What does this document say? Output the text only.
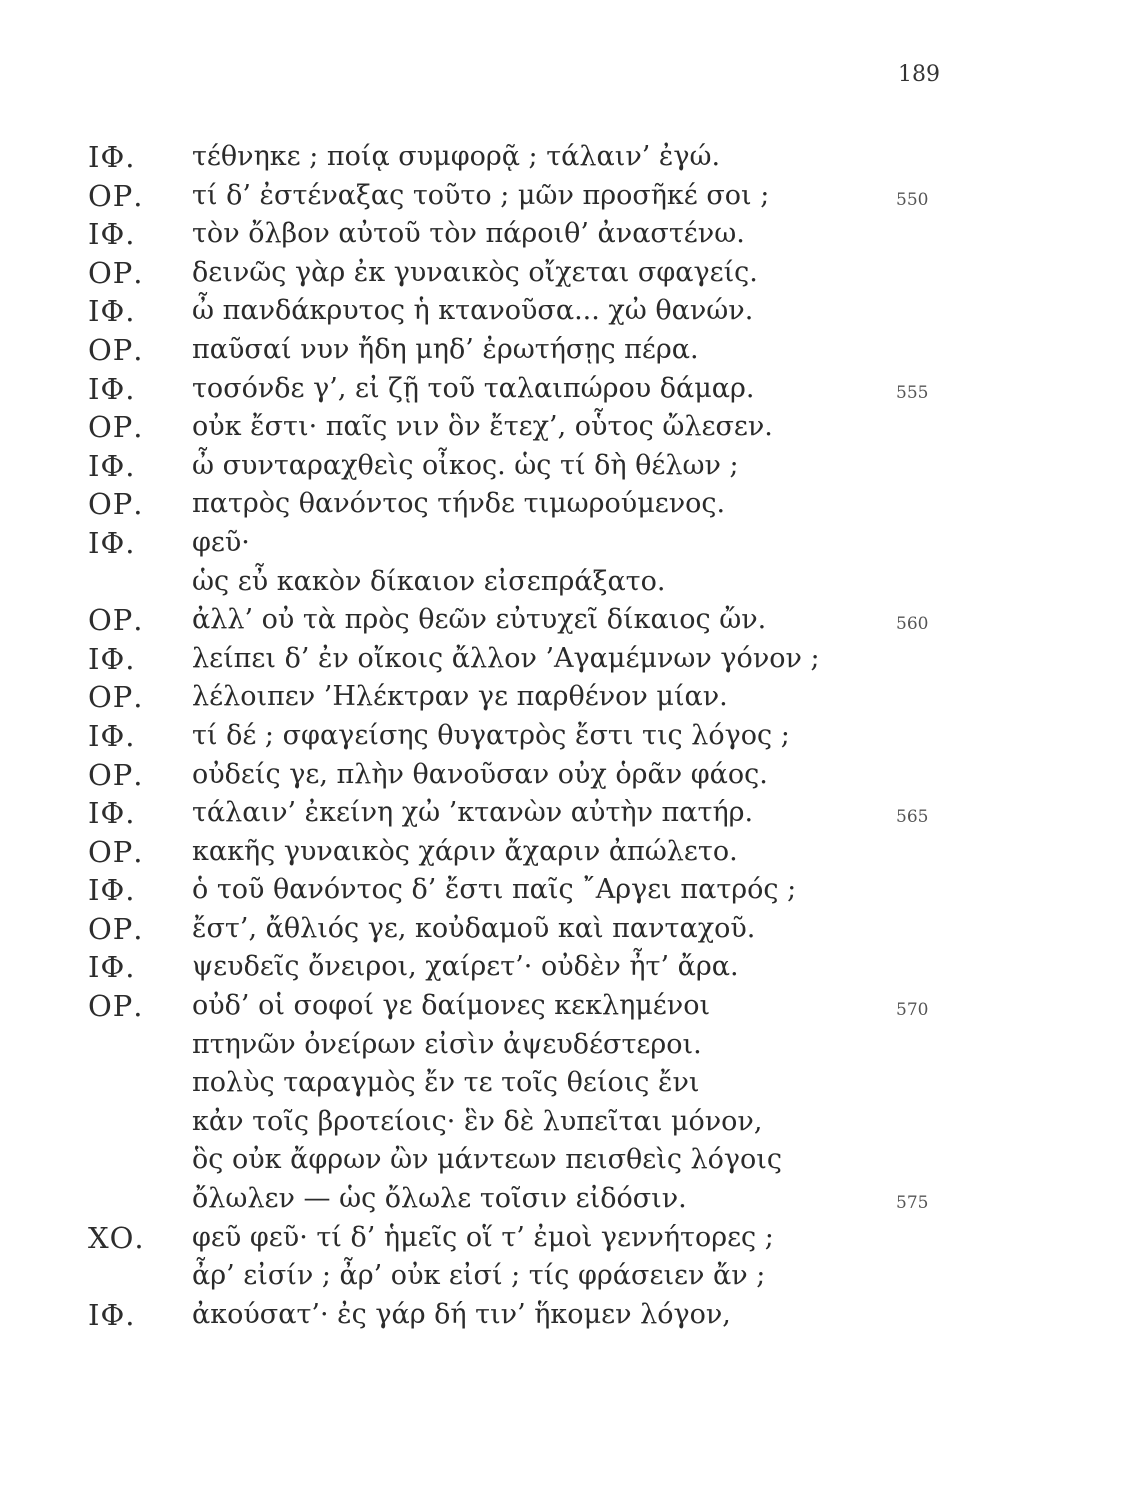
189
ΙΦ. τέθνηκε ; ποίᾳ συμφορᾷ ; τάλαιν’ ἐγώ.
ΟΡ. τί δ’ ἐστέναξας τοῦτο ; μῶν προσῆκέ σοι ;	550
ΙΦ. τὸν ὄλβον αὐτοῦ τὸν πάροιθ’ ἀναστένω.
ΟΡ. δεινῶς γὰρ ἐκ γυναικὸς οἴχεται σφαγείς.
ΙΦ. ὦ πανδάκρυτος ἡ κτανοῦσα... χὠ θανών.
ΟΡ. παῦσαί νυν ἤδη μηδ’ ἐρωτήσῃς πέρα.
ΙΦ. τοσόνδε γ’, εἰ ζῇ τοῦ ταλαιπώρου δάμαρ.	555
ΟΡ. οὐκ ἔστι· παῖς νιν ὃν ἔτεχ’, οὗτος ὤλεσεν.
ΙΦ. ὦ συνταραχθεὶς οἶκος. ὡς τί δὴ θέλων ;
ΟΡ. πατρὸς θανόντος τήνδε τιμωρούμενος.
ΙΦ. φεῦ·
ὡς εὖ κακὸν δίκαιον εἰσεπράξατο.
ΟΡ. ἀλλ’ οὐ τὰ πρὸς θεῶν εὐτυχεῖ δίκαιος ὤν.	560
ΙΦ. λείπει δ’ ἐν οἴκοις ἄλλον ’Αγαμέμνων γόνον ;
ΟΡ. λέλοιπεν ’Ηλέκτραν γε παρθένον μίαν.
ΙΦ. τί δέ ; σφαγείσης θυγατρὸς ἔστι τις λόγος ;
ΟΡ. οὐδείς γε, πλὴν θανοῦσαν οὐχ ὁρᾶν φάος.
ΙΦ. τάλαιν’ ἐκείνη χὠ ’κτανὼν αὐτὴν πατήρ.	565
ΟΡ. κακῆς γυναικὸς χάριν ἄχαριν ἀπώλετο.
ΙΦ. ὁ τοῦ θανόντος δ’ ἔστι παῖς ῎Αργει πατρός ;
ΟΡ. ἔστ’, ἄθλιός γε, κοὐδαμοῦ καὶ πανταχοῦ.
ΙΦ. ψευδεῖς ὄνειροι, χαίρετ’· οὐδὲν ἦτ’ ἄρα.
ΟΡ. οὐδ’ οἱ σοφοί γε δαίμονες κεκλημένοι	570
πτηνῶν ὀνείρων εἰσὶν ἀψευδέστεροι.
πολὺς ταραγμὸς ἔν τε τοῖς θείοις ἔνι
κἀν τοῖς βροτείοις· ἓν δὲ λυπεῖται μόνον,
ὃς οὐκ ἄφρων ὢν μάντεων πεισθεὶς λόγοις
ὄλωλεν — ὡς ὄλωλε τοῖσιν εἰδόσιν.	575
ΧΟ. φεῦ φεῦ· τί δ’ ἡμεῖς οἵ τ’ ἐμοὶ γεννήτορες ;
ἆρ’ εἰσίν ; ἆρ’ οὐκ εἰσί ; τίς φράσειεν ἄν ;
ΙΦ. ἀκούσατ’· ἐς γάρ δή τιν’ ἥκομεν λόγον,
